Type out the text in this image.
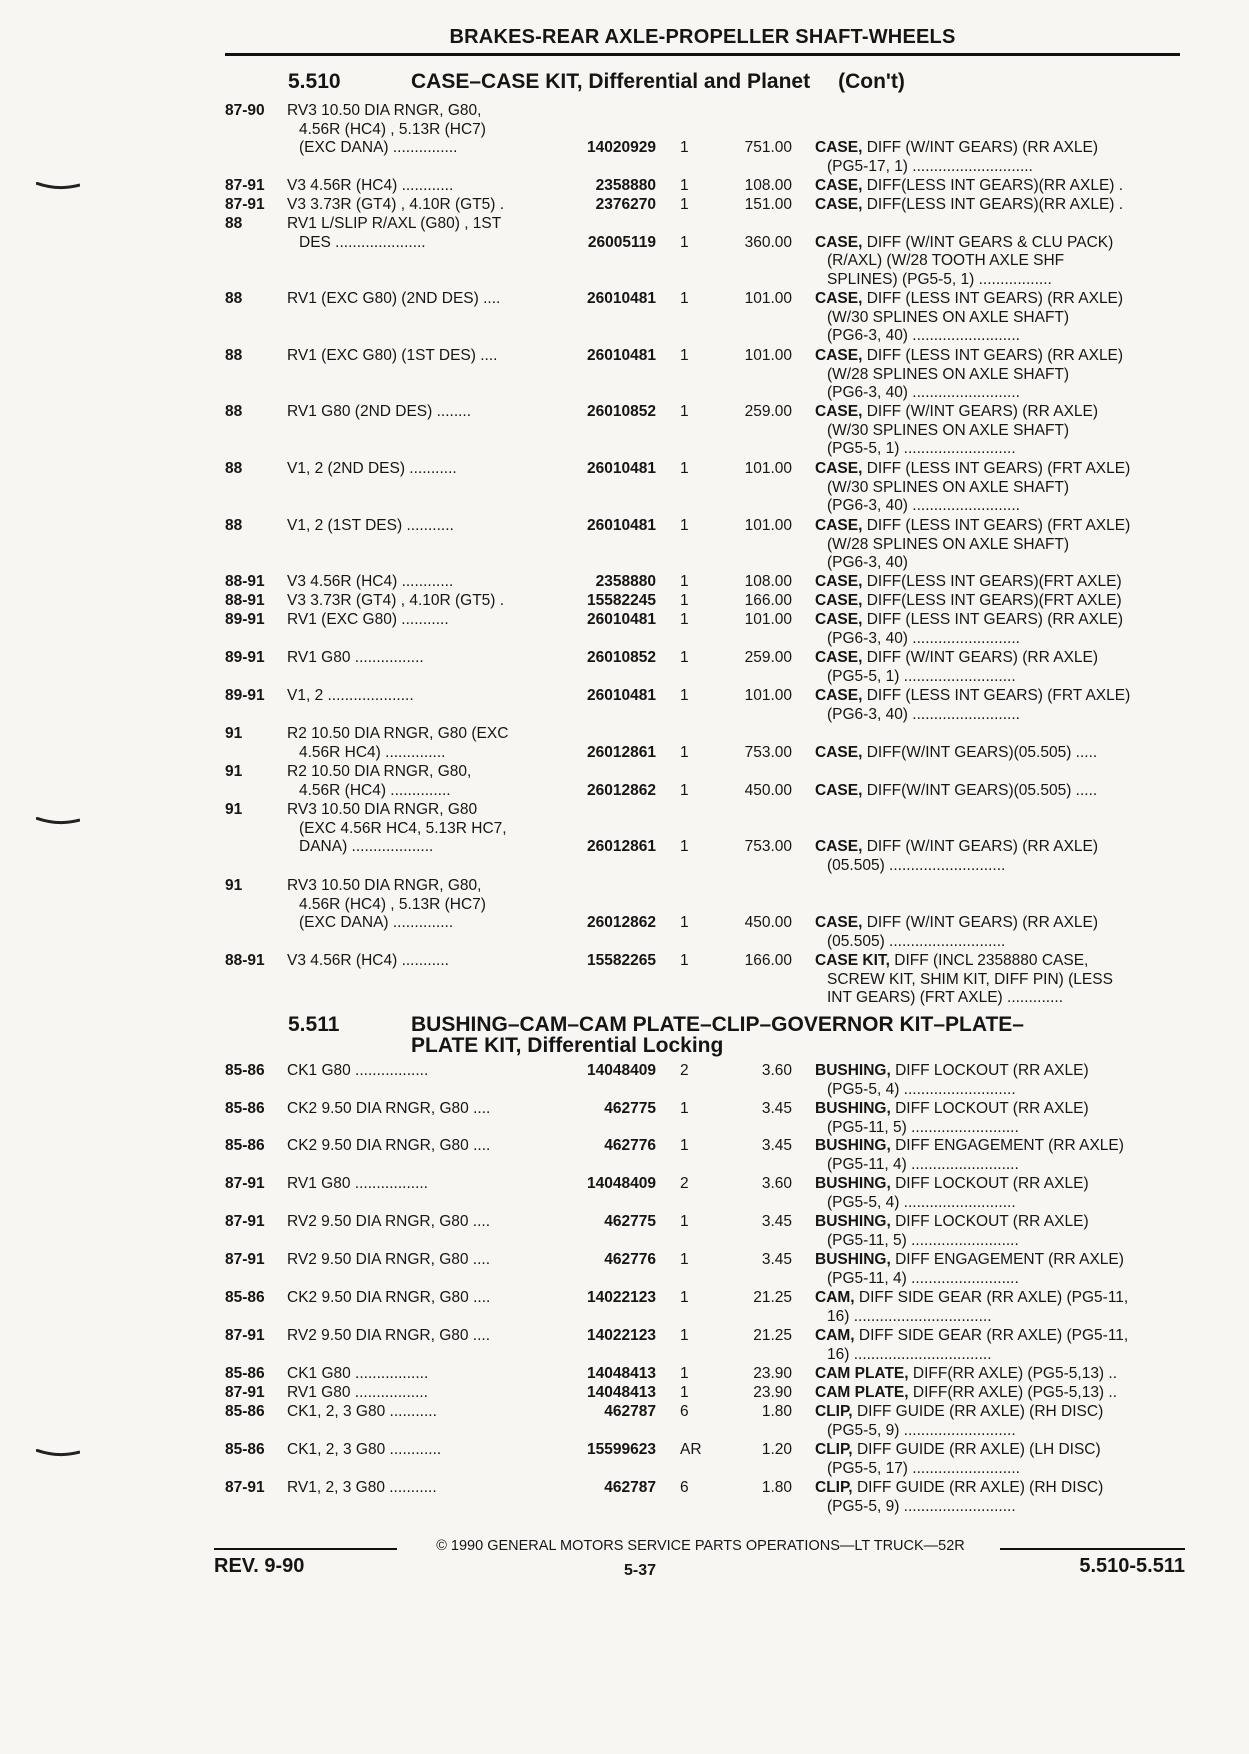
BRAKES-REAR AXLE-PROPELLER SHAFT-WHEELS
5.510	CASE–CASE KIT, Differential and Planet (Con't)
87-90	RV3 10.50 DIA RNGR, G80,
4.56R (HC4) , 5.13R (HC7)
(EXC DANA) ...............	14020929 1	751.00 CASE, DIFF (W/INT GEARS) (RR AXLE)
(PG5-17, 1) ............................
87-91	V3 4.56R (HC4) ............	2358880 1	108.00 CASE, DIFF(LESS INT GEARS)(RR AXLE) .
87-91	V3 3.73R (GT4) , 4.10R (GT5) .	2376270 1	151.00 CASE, DIFF(LESS INT GEARS)(RR AXLE) .
88	RV1 L/SLIP R/AXL (G80) , 1ST
DES .....................	26005119 1	360.00 CASE, DIFF (W/INT GEARS & CLU PACK)
(R/AXL) (W/28 TOOTH AXLE SHF
SPLINES) (PG5-5, 1) .................
88	RV1 (EXC G80) (2ND DES) ....	26010481 1	101.00 CASE, DIFF (LESS INT GEARS) (RR AXLE)
(W/30 SPLINES ON AXLE SHAFT)
(PG6-3, 40) .........................
88	RV1 (EXC G80) (1ST DES) ....	26010481 1	101.00 CASE, DIFF (LESS INT GEARS) (RR AXLE)
(W/28 SPLINES ON AXLE SHAFT)
(PG6-3, 40) .........................
88	RV1 G80 (2ND DES) ........	26010852 1	259.00 CASE, DIFF (W/INT GEARS) (RR AXLE)
(W/30 SPLINES ON AXLE SHAFT)
(PG5-5, 1) ..........................
88	V1, 2 (2ND DES) ...........	26010481 1	101.00 CASE, DIFF (LESS INT GEARS) (FRT AXLE)
(W/30 SPLINES ON AXLE SHAFT)
(PG6-3, 40) .........................
88	V1, 2 (1ST DES) ...........	26010481 1	101.00 CASE, DIFF (LESS INT GEARS) (FRT AXLE)
(W/28 SPLINES ON AXLE SHAFT)
(PG6-3, 40)
88-91	V3 4.56R (HC4) ............	2358880 1	108.00 CASE, DIFF(LESS INT GEARS)(FRT AXLE)
88-91	V3 3.73R (GT4) , 4.10R (GT5) .	15582245 1	166.00 CASE, DIFF(LESS INT GEARS)(FRT AXLE)
89-91	RV1 (EXC G80) ...........	26010481 1	101.00 CASE, DIFF (LESS INT GEARS) (RR AXLE)
(PG6-3, 40) .........................
89-91	RV1 G80 ................	26010852 1	259.00 CASE, DIFF (W/INT GEARS) (RR AXLE)
(PG5-5, 1) ..........................
89-91	V1, 2 ....................	26010481 1	101.00 CASE, DIFF (LESS INT GEARS) (FRT AXLE)
(PG6-3, 40) .........................
91	R2 10.50 DIA RNGR, G80 (EXC
4.56R HC4) ..............	26012861 1	753.00 CASE, DIFF(W/INT GEARS)(05.505) .....
91	R2 10.50 DIA RNGR, G80,
4.56R (HC4) ..............	26012862 1	450.00 CASE, DIFF(W/INT GEARS)(05.505) .....
91	RV3 10.50 DIA RNGR, G80
(EXC 4.56R HC4, 5.13R HC7,
DANA) ...................	26012861 1	753.00 CASE, DIFF (W/INT GEARS) (RR AXLE)
(05.505) ...........................
91	RV3 10.50 DIA RNGR, G80,
4.56R (HC4) , 5.13R (HC7)
(EXC DANA) ..............	26012862 1	450.00 CASE, DIFF (W/INT GEARS) (RR AXLE)
(05.505) ...........................
88-91	V3 4.56R (HC4) ...........	15582265 1	166.00 CASE KIT, DIFF (INCL 2358880 CASE,
SCREW KIT, SHIM KIT, DIFF PIN) (LESS
INT GEARS) (FRT AXLE) .............
5.511	BUSHING–CAM–CAM PLATE–CLIP–GOVERNOR KIT–PLATE–
PLATE KIT, Differential Locking
85-86	CK1 G80 .................	14048409 2	3.60 BUSHING, DIFF LOCKOUT (RR AXLE)
(PG5-5, 4) ..........................
85-86	CK2 9.50 DIA RNGR, G80 ....	462775 1	3.45 BUSHING, DIFF LOCKOUT (RR AXLE)
(PG5-11, 5) .........................
85-86	CK2 9.50 DIA RNGR, G80 ....	462776 1	3.45 BUSHING, DIFF ENGAGEMENT (RR AXLE)
(PG5-11, 4) .........................
87-91	RV1 G80 .................	14048409 2	3.60 BUSHING, DIFF LOCKOUT (RR AXLE)
(PG5-5, 4) ..........................
87-91	RV2 9.50 DIA RNGR, G80 ....	462775 1	3.45 BUSHING, DIFF LOCKOUT (RR AXLE)
(PG5-11, 5) .........................
87-91	RV2 9.50 DIA RNGR, G80 ....	462776 1	3.45 BUSHING, DIFF ENGAGEMENT (RR AXLE)
(PG5-11, 4) .........................
85-86	CK2 9.50 DIA RNGR, G80 ....	14022123 1	21.25 CAM, DIFF SIDE GEAR (RR AXLE) (PG5-11,
16) ................................
87-91	RV2 9.50 DIA RNGR, G80 ....	14022123 1	21.25 CAM, DIFF SIDE GEAR (RR AXLE) (PG5-11,
16) ................................
85-86	CK1 G80 .................	14048413 1	23.90 CAM PLATE, DIFF(RR AXLE) (PG5-5,13) ..
87-91	RV1 G80 .................	14048413 1	23.90 CAM PLATE, DIFF(RR AXLE) (PG5-5,13) ..
85-86	CK1, 2, 3 G80 ...........	462787 6	1.80 CLIP, DIFF GUIDE (RR AXLE) (RH DISC)
(PG5-5, 9) ..........................
85-86	CK1, 2, 3 G80 ............	15599623 AR	1.20 CLIP, DIFF GUIDE (RR AXLE) (LH DISC)
(PG5-5, 17) .........................
87-91	RV1, 2, 3 G80 ...........	462787 6	1.80 CLIP, DIFF GUIDE (RR AXLE) (RH DISC)
(PG5-5, 9) ..........................
© 1990 GENERAL MOTORS SERVICE PARTS OPERATIONS—LT TRUCK—52R
REV. 9-90	5-37	5.510-5.511
